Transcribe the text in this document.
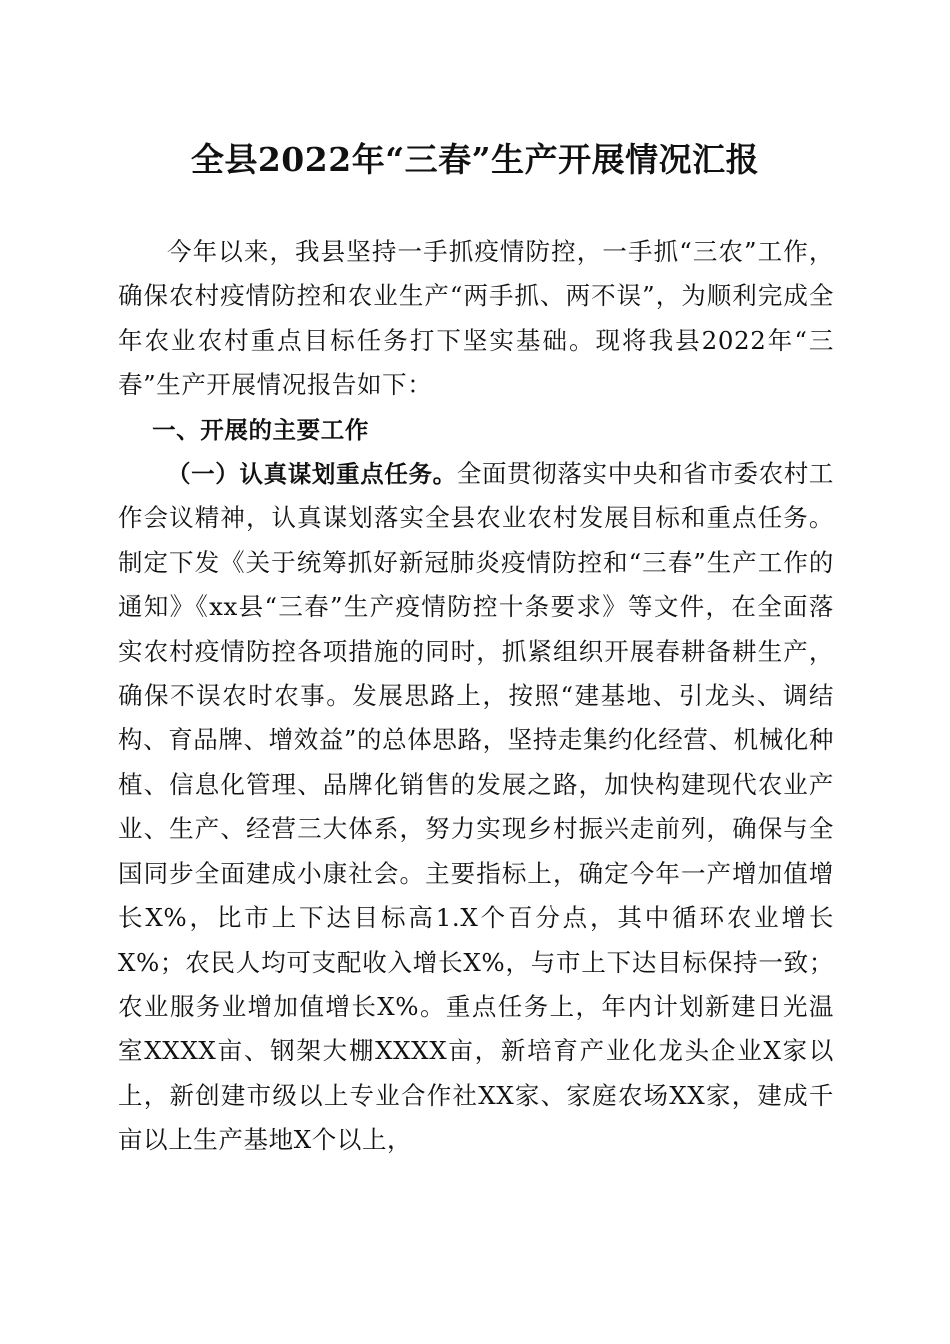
全县2022年“三春”生产开展情况汇报

今年以来，我县坚持一手抓疫情防控，一手抓“三农”工作，确保农村疫情防控和农业生产“两手抓、两不误”，为顺利完成全年农业农村重点目标任务打下坚实基础。现将我县2022年“三春”生产开展情况报告如下：

一、开展的主要工作

（一）认真谋划重点任务。全面贯彻落实中央和省市委农村工作会议精神，认真谋划落实全县农业农村发展目标和重点任务。制定下发《关于统筹抓好新冠肺炎疫情防控和“三春”生产工作的通知》《xx县“三春”生产疫情防控十条要求》等文件，在全面落实农村疫情防控各项措施的同时，抓紧组织开展春耕备耕生产，确保不误农时农事。发展思路上，按照“建基地、引龙头、调结构、育品牌、增效益”的总体思路，坚持走集约化经营、机械化种植、信息化管理、品牌化销售的发展之路，加快构建现代农业产业、生产、经营三大体系，努力实现乡村振兴走前列，确保与全国同步全面建成小康社会。主要指标上，确定今年一产增加值增长X%，比市上下达目标高1.X个百分点，其中循环农业增长X%；农民人均可支配收入增长X%，与市上下达目标保持一致；农业服务业增加值增长X%。重点任务上，年内计划新建日光温室XXXX亩、钢架大棚XXXX亩，新培育产业化龙头企业X家以上，新创建市级以上专业合作社XX家、家庭农场XX家，建成千亩以上生产基地X个以上，
